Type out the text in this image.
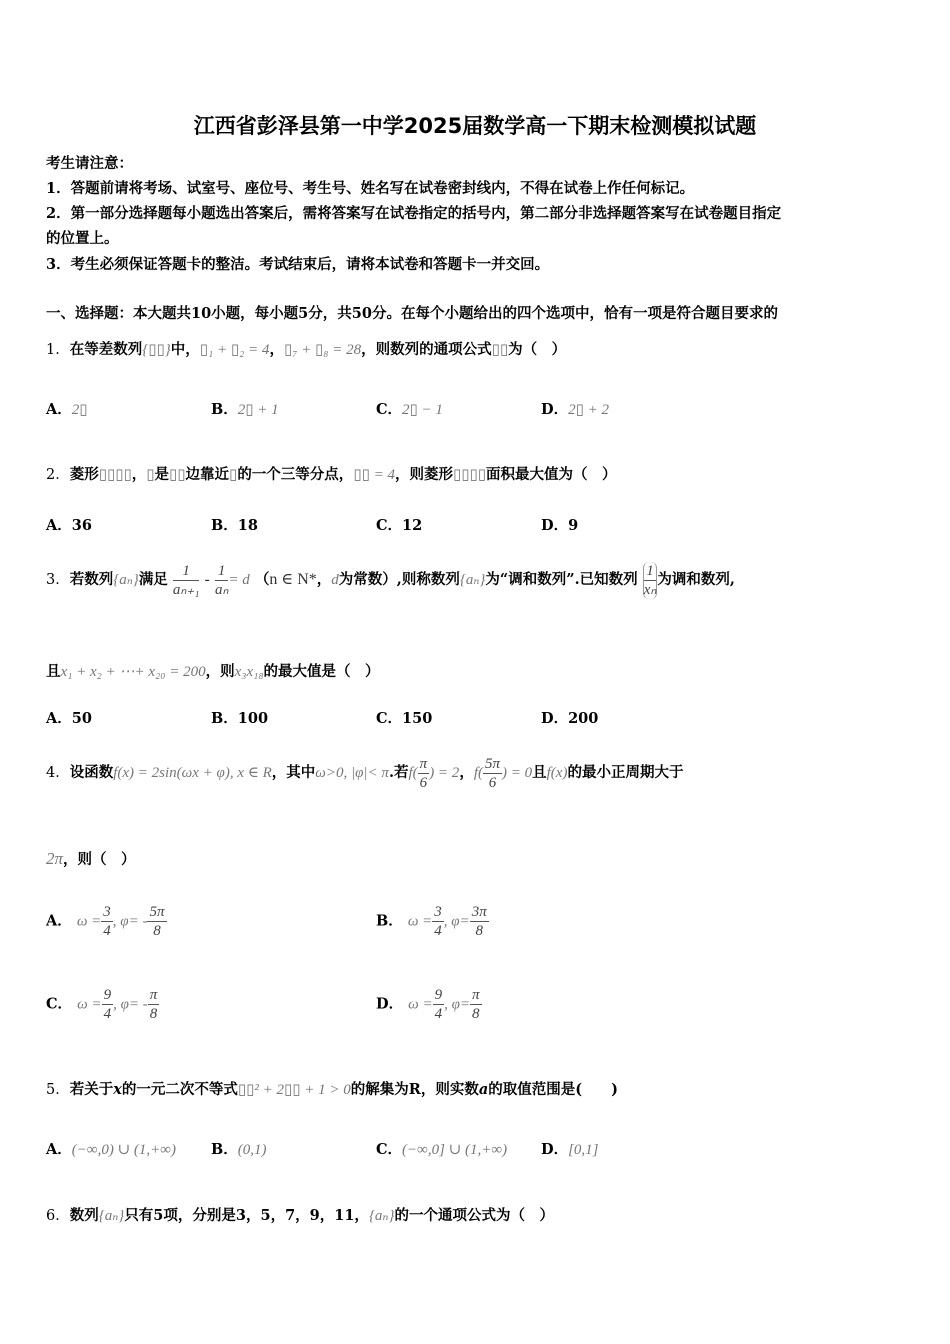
江西省彭泽县第一中学2025届数学高一下期末检测模拟试题
考生请注意：
1．答题前请将考场、试室号、座位号、考生号、姓名写在试卷密封线内，不得在试卷上作任何标记。
2．第一部分选择题每小题选出答案后，需将答案写在试卷指定的括号内，第二部分非选择题答案写在试卷题目指定
的位置上。
3．考生必须保证答题卡的整洁。考试结束后，请将本试卷和答题卡一并交回。
一、选择题：本大题共10小题，每小题5分，共50分。在每个小题给出的四个选项中，恰有一项是符合题目要求的
1．在等差数列{▯▯}中，▯₁ + ▯₂ = 4，▯₇ + ▯₈ = 28，则数列的通项公式▯▯为（　）
A．2▯	B．2▯ + 1	C．2▯ − 1	D．2▯ + 2
2．菱形▯▯▯▯，▯是▯▯边靠近▯的一个三等分点，▯▯ = 4，则菱形▯▯▯▯面积最大值为（　）
A．36	B．18	C．12	D．9
3．若数列{aₙ}满足 $\frac{1}{\text{aₙ₊₁}} - \frac{1}{\text{aₙ}} = d$ （n ∈ N*，d为常数）,则称数列{aₙ}为“调和数列”.已知数列 $\frac{1}{\text{xₙ}}$ 为调和数列,
且x₁ + x₂ + ⋯+ x₂₀ = 200，则x₃x₁₈的最大值是（　）
A．50	B．100	C．150	D．200
4．设函数f(x) = 2sin(ωx + φ), x ∈ R，其中ω>0, |φ|< π.若$f( \frac{\pi}{6}$ ) = 2，$f( \frac{5\pi}{6}$ ) = 0且f(x)的最小正周期大于
2π，则（　）
A． $\omega = \frac{3}{4}$ , $\varphi= - \frac{5\pi}{8}$	B． $\omega = \frac{3}{4}$ , $\varphi= \frac{3\pi}{8}$
C． $\omega = \frac{9}{4}$ , $\varphi= - \frac{\pi}{8}$	D． $\omega = \frac{9}{4}$ , $\varphi= \frac{\pi}{8}$
5．若关于x的一元二次不等式▯▯² + 2▯▯ + 1 > 0的解集为R，则实数a的取值范围是(　　)
A．(−∞,0) ∪ (1,+∞) B．(0,1)	C．(−∞,0] ∪ (1,+∞) D．[0,1]
6．数列{aₙ}只有5项，分别是3，5，7，9，11，{aₙ}的一个通项公式为（　）
